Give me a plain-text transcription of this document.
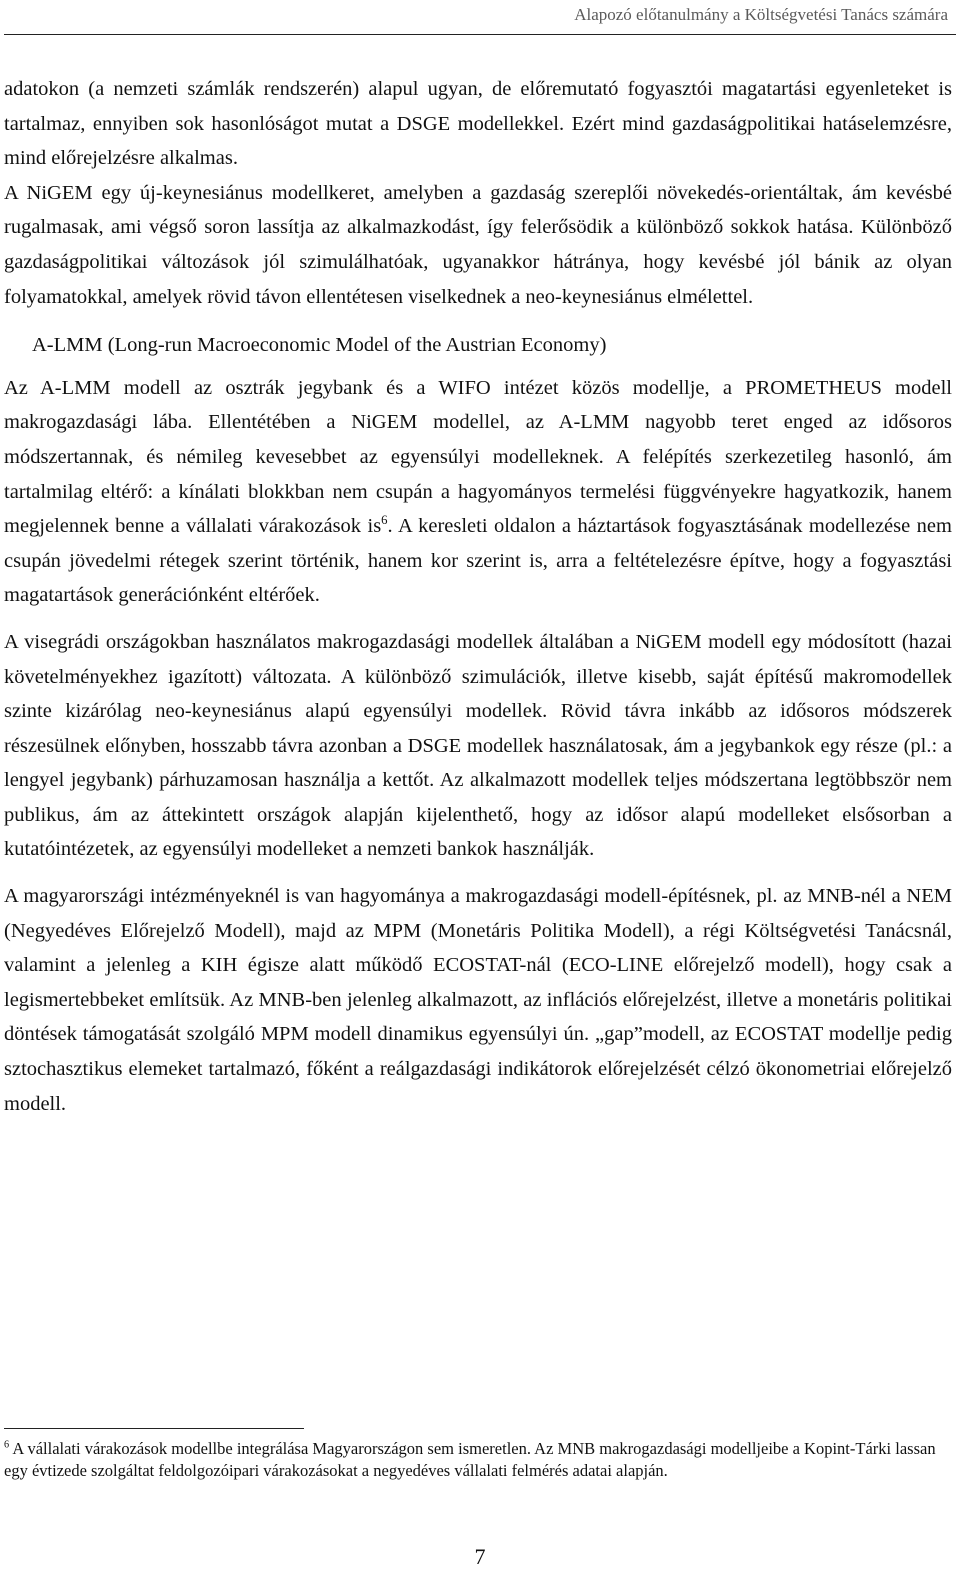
Alapozó előtanulmány a Költségvetési Tanács számára

adatokon (a nemzeti számlák rendszerén) alapul ugyan, de előremutató fogyasztói magatartási egyenleteket is tartalmaz, ennyiben sok hasonlóságot mutat a DSGE modellekkel. Ezért mind gazdaságpolitikai hatáselemzésre, mind előrejelzésre alkalmas.

A NiGEM egy új-keynesiánus modellkeret, amelyben a gazdaság szereplői növekedés-orientáltak, ám kevésbé rugalmasak, ami végső soron lassítja az alkalmazkodást, így felerősödik a különböző sokkok hatása. Különböző gazdaságpolitikai változások jól szimulálhatóak, ugyanakkor hátránya, hogy kevésbé jól bánik az olyan folyamatokkal, amelyek rövid távon ellentétesen viselkednek a neo-keynesiánus elmélettel.

A-LMM (Long-run Macroeconomic Model of the Austrian Economy)

Az A-LMM modell az osztrák jegybank és a WIFO intézet közös modellje, a PROMETHEUS modell makrogazdasági lába. Ellentétében a NiGEM modellel, az A-LMM nagyobb teret enged az idősoros módszertannak, és némileg kevesebbet az egyensúlyi modelleknek. A felépítés szerkezetileg hasonló, ám tartalmilag eltérő: a kínálati blokkban nem csupán a hagyományos termelési függvényekre hagyatkozik, hanem megjelennek benne a vállalati várakozások $is^6$. A keresleti oldalon a háztartások fogyasztásának modellezése nem csupán jövedelmi rétegek szerint történik, hanem kor szerint is, arra a feltételezésre építve, hogy a fogyasztási magatartások generációnként eltérőek.

A visegrádi országokban használatos makrogazdasági modellek általában a NiGEM modell egy módosított (hazai követelményekhez igazított) változata. A különböző szimulációk, illetve kisebb, saját építésű makromodellek szinte kizárólag neo-keynesiánus alapú egyensúlyi modellek. Rövid távra inkább az idősoros módszerek részesülnek előnyben, hosszabb távra azonban a DSGE modellek használatosak, ám a jegybankok egy része (pl.: a lengyel jegybank) párhuzamosan használja a kettőt. Az alkalmazott modellek teljes módszertana legtöbbször nem publikus, ám az áttekintett országok alapján kijelenthető, hogy az idősor alapú modelleket elsősorban a kutatóintézetek, az egyensúlyi modelleket a nemzeti bankok használják.

A magyarországi intézményeknél is van hagyománya a makrogazdasági modell-építésnek, pl. az MNB-nél a NEM (Negyedéves Előrejelző Modell), majd az MPM (Monetáris Politika Modell), a régi Költségvetési Tanácsnál, valamint a jelenleg a KIH égisze alatt működő ECOSTAT-nál (ECO-LINE előrejelző modell), hogy csak a legismertebbeket említsük. Az MNB-ben jelenleg alkalmazott, az inflációs előrejelzést, illetve a monetáris politikai döntések támogatását szolgáló MPM modell dinamikus egyensúlyi ún. „gap”modell, az ECOSTAT modellje pedig sztochasztikus elemeket tartalmazó, főként a reálgazdasági indikátorok előrejelzését célzó ökonometriai előrejelző modell.

$^6$ A vállalati várakozások modellbe integrálása Magyarországon sem ismeretlen. Az MNB makrogazdasági modelljeibe a Kopint-Tárki lassan egy évtizede szolgáltat feldolgozóipari várakozásokat a negyedéves vállalati felmérés adatai alapján.
7
